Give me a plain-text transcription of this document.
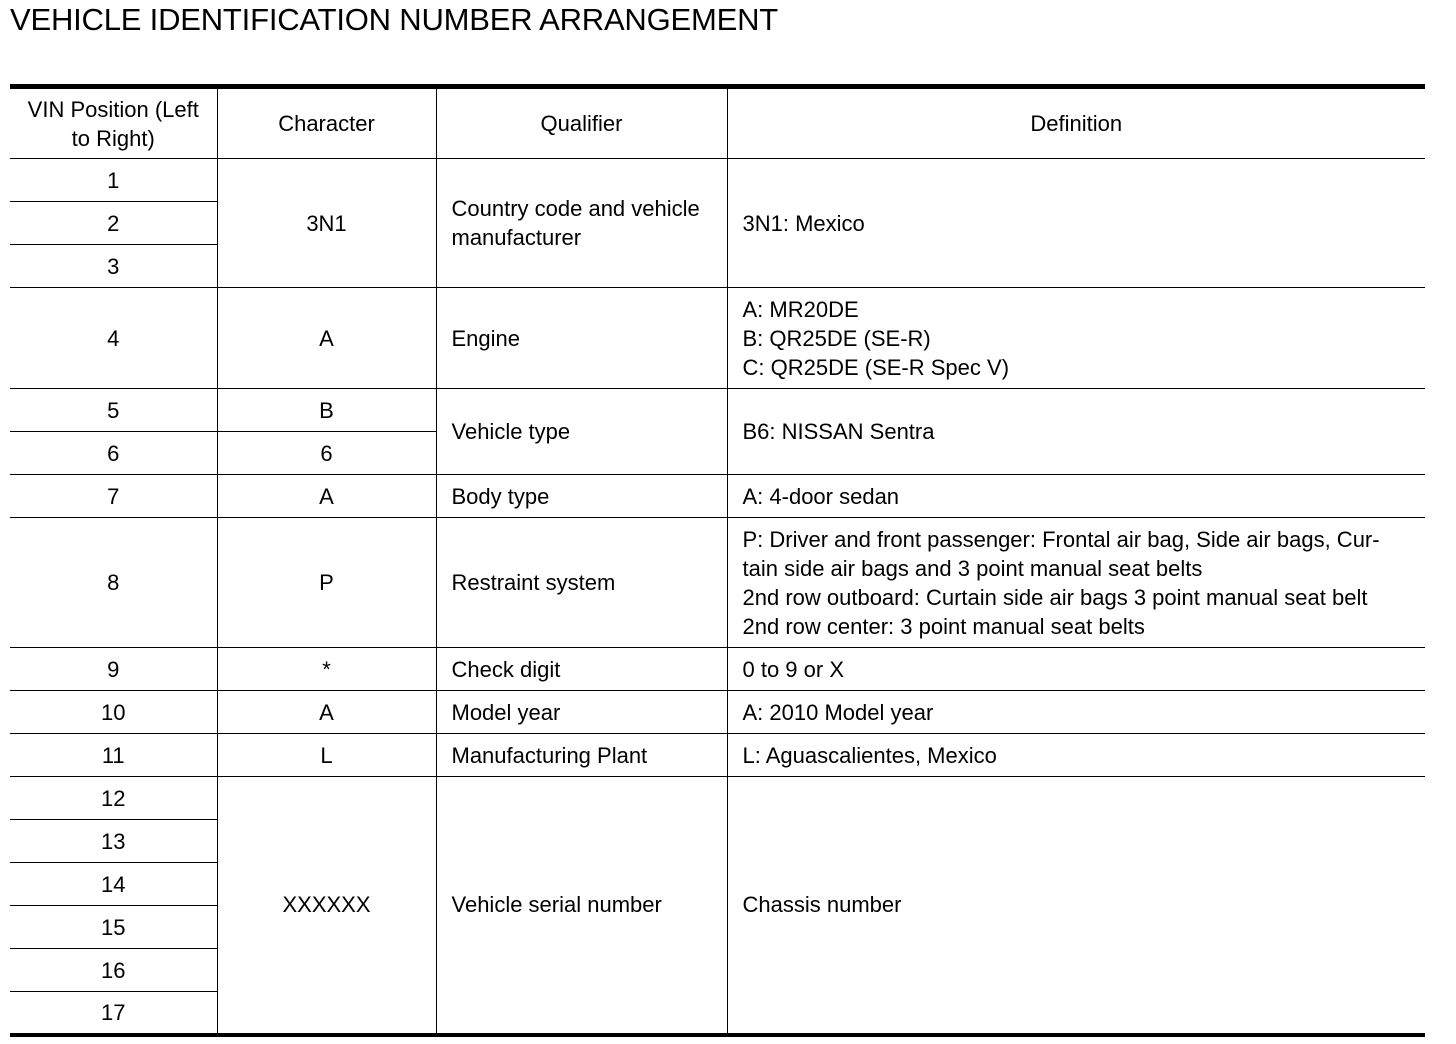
VEHICLE IDENTIFICATION NUMBER ARRANGEMENT
VIN Position (Left to Right)	Character	Qualifier	Definition
1	3N1	Country code and vehicle manufacturer	3N1: Mexico
2			
3			
4	A	Engine	A: MR20DE
B: QR25DE (SE-R)
C: QR25DE (SE-R Spec V)

5	B	Vehicle type	B6: NISSAN Sentra
6	6		
7	A	Body type	A: 4-door sedan
8	P	Restraint system	P: Driver and front passenger: Frontal air bag, Side air bags, Cur-
tain side air bags and 3 point manual seat belts
2nd row outboard: Curtain side air bags 3 point manual seat belt
2nd row center: 3 point manual seat belts

9	*	Check digit	0 to 9 or X
10	A	Model year	A: 2010 Model year
11	L	Manufacturing Plant	L: Aguascalientes, Mexico
12	XXXXXX	Vehicle serial number	Chassis number
13			
14			
15			
16			
17			
